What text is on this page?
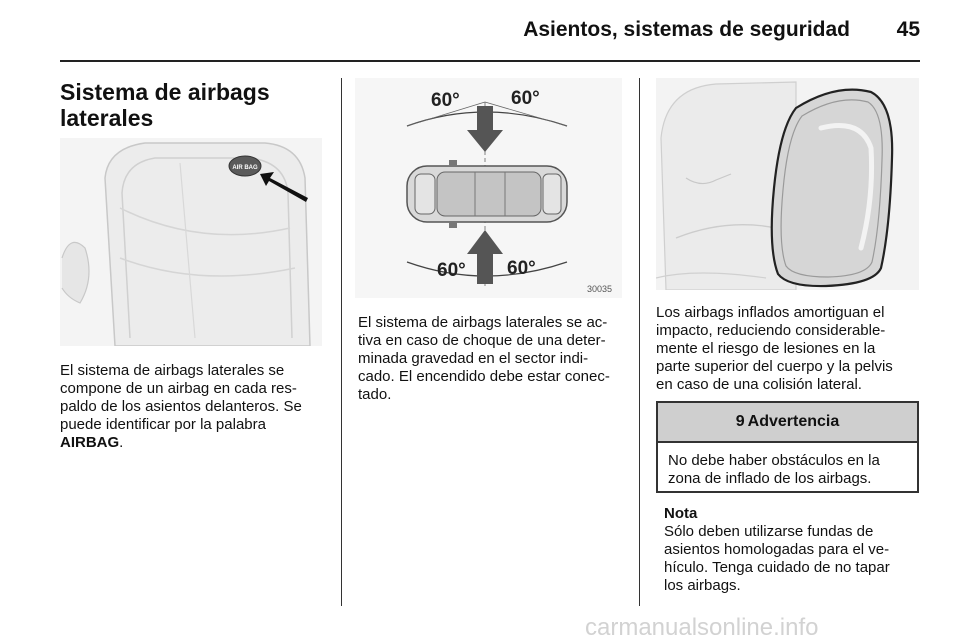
Asientos, sistemas de seguridad 45
Sistema de airbags
laterales
AIR BAG
El sistema de airbags laterales se
compone de un airbag en cada res-
paldo de los asientos delanteros. Se
puede identificar por la palabra
AIRBAG.
60°	60°
60° 60°
30035
El sistema de airbags laterales se ac-
tiva en caso de choque de una deter-
minada gravedad en el sector indi-
cado. El encendido debe estar conec-
tado.
Los airbags inflados amortiguan el
impacto, reduciendo considerable-
mente el riesgo de lesiones en la
parte superior del cuerpo y la pelvis
en caso de una colisión lateral.
9 Advertencia
No debe haber obstáculos en la
zona de inflado de los airbags.
Nota
Sólo deben utilizarse fundas de
asientos homologadas para el ve-
hículo. Tenga cuidado de no tapar
los airbags.
carmanualsonline.info
